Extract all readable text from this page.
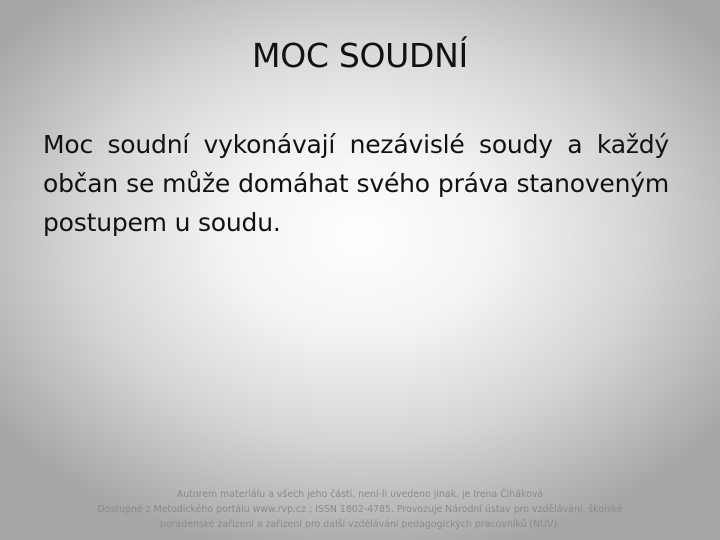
MOC SOUDNÍ

Moc soudní vykonávají nezávislé soudy a každý občan se může domáhat svého práva stanoveným postupem u soudu.

Autorem materiálu a všech jeho částí, není-li uvedeno jinak, je Irena Čiháková
Dostupné z Metodického portálu www.rvp.cz ; ISSN 1802-4785. Provozuje Národní ústav pro vzdělávání, školské
poradenské zařízení a zařízení pro další vzdělávání pedagogických pracovníků (NÚV).
